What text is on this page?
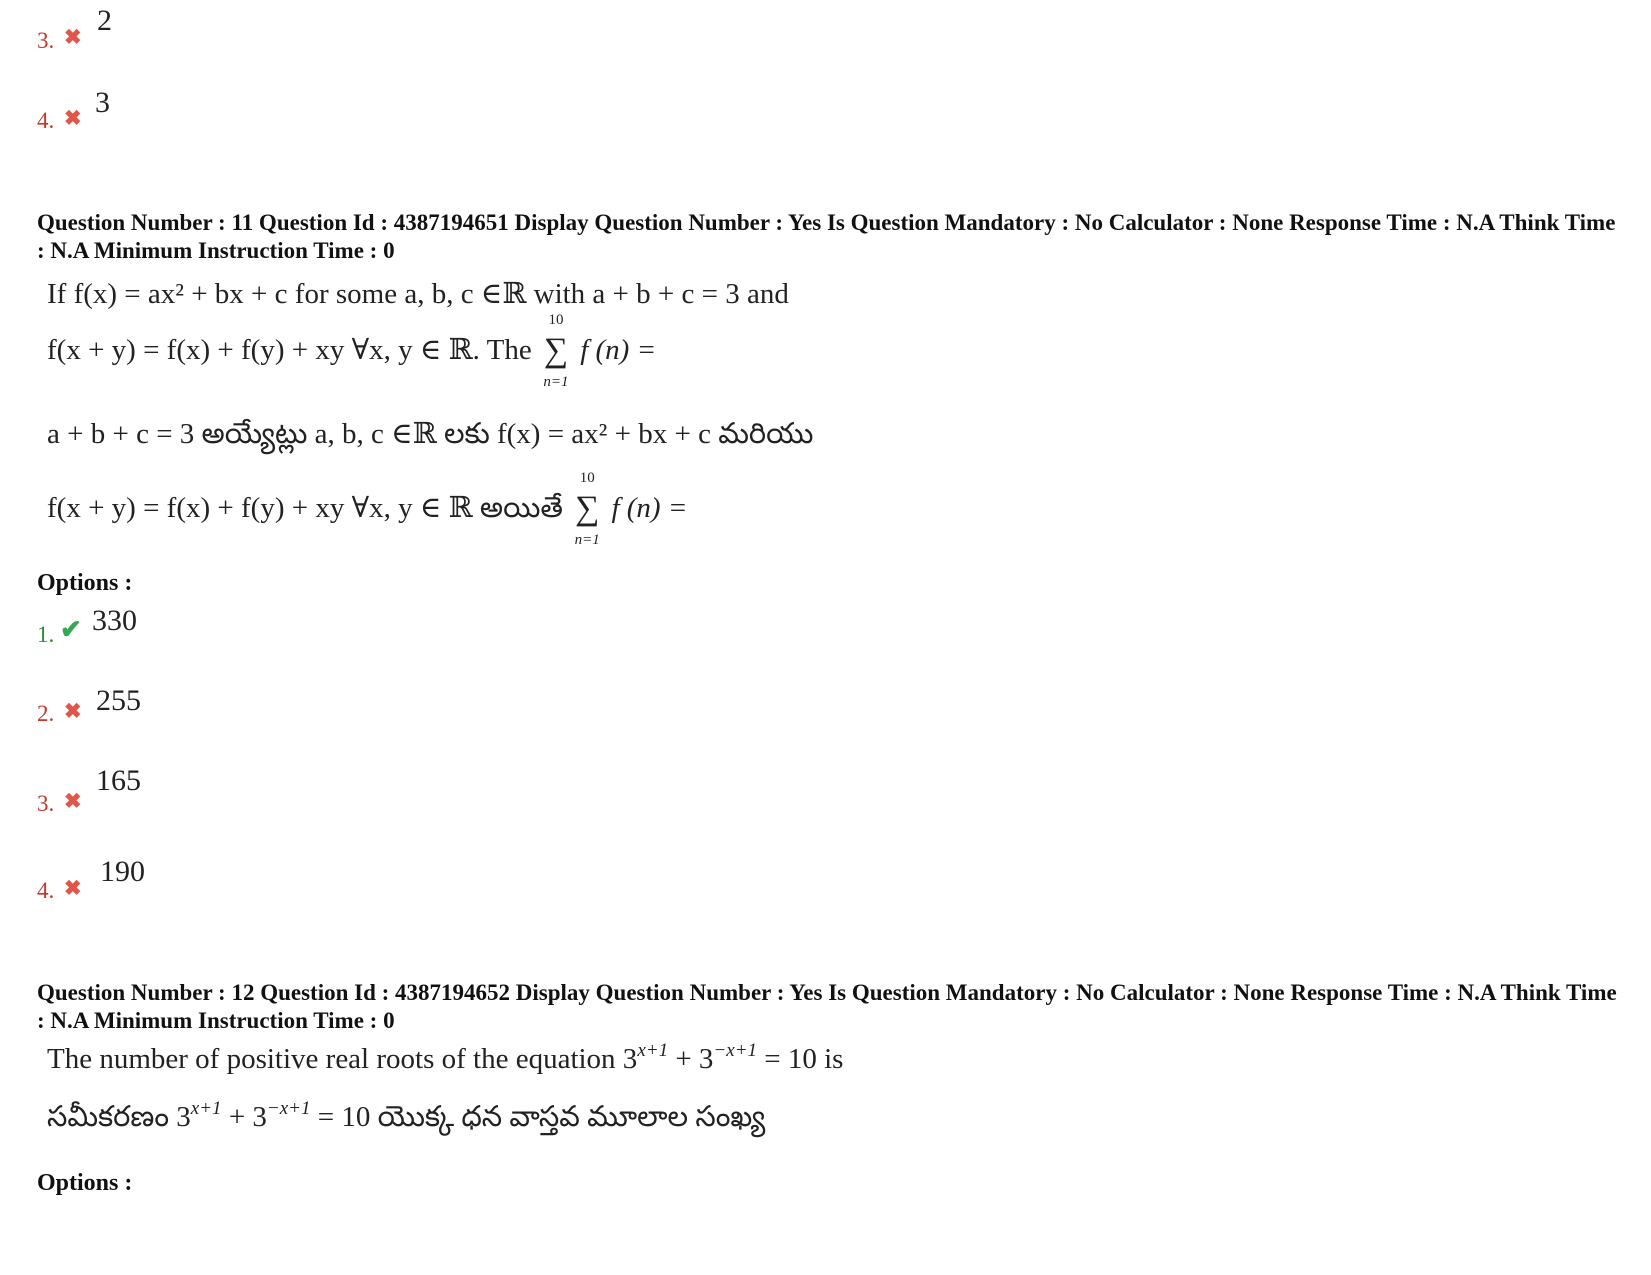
3. ✖ 2
4. ✖ 3
Question Number : 11 Question Id : 4387194651 Display Question Number : Yes Is Question Mandatory : No Calculator : None Response Time : N.A Think Time : N.A Minimum Instruction Time : 0
If f(x) = ax² + bx + c for some a, b, c ∈ℝ with a + b + c = 3 and
f(x + y) = f(x) + f(y) + xy ∀x, y ∈ ℝ. The
10
∑
n=1
f (n) =
a + b + c = 3 అయ్యేట్లు a, b, c ∈ℝ లకు f(x) = ax² + bx + c మరియు
f(x + y) = f(x) + f(y) + xy ∀x, y ∈ ℝ అయితే
10
∑
n=1
f (n) =
Options :
1. ✔ 330
2. ✖ 255
3. ✖
165
4. ✖ 190
Question Number : 12 Question Id : 4387194652 Display Question Number : Yes Is Question Mandatory : No Calculator : None Response Time : N.A Think Time : N.A Minimum Instruction Time : 0
The number of positive real roots of the equation $3^{x+1} + 3^{-x+1} = 10$ is
సమీకరణం $3^{x+1} + 3^{-x+1} = 10$ యొక్క ధన వాస్తవ మూలాల సంఖ్య
Options :
